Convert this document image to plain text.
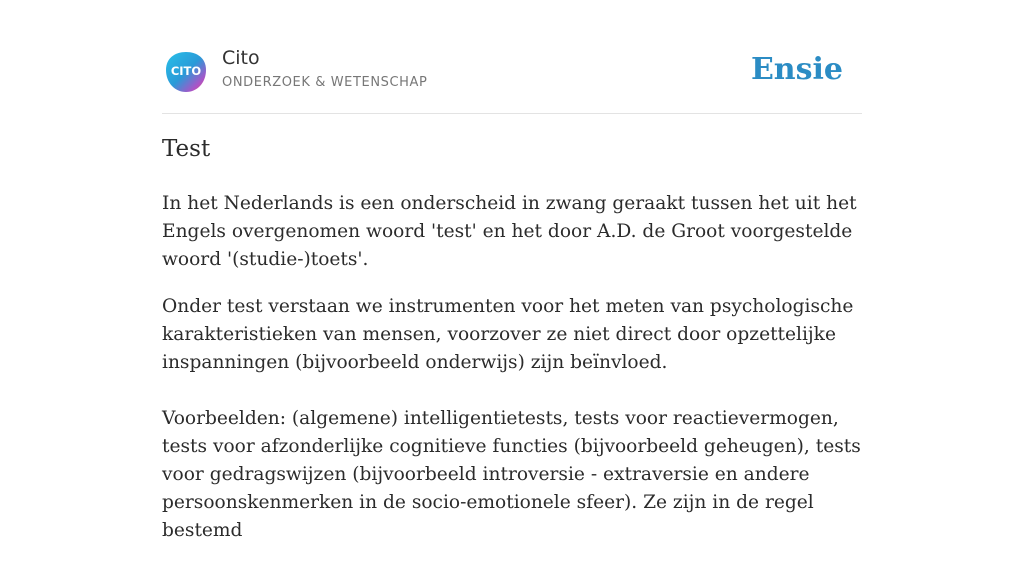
CITO
Cito
ONDERZOEK & WETENSCHAP	Ensie
Test

In het Nederlands is een onderscheid in zwang geraakt tussen het uit het Engels overgenomen woord 'test' en het door A.D. de Groot voorgestelde woord '(studie-)toets'.

Onder test verstaan we instrumenten voor het meten van psychologische karakteristieken van mensen, voorzover ze niet direct door opzettelijke inspanningen (bijvoorbeeld onderwijs) zijn beïnvloed.

Voorbeelden: (algemene) intelligentietests, tests voor reactievermogen, tests voor afzonderlijke cognitieve functies (bijvoorbeeld geheugen), tests voor gedragswijzen (bijvoorbeeld introversie - extraversie en andere persoonskenmerken in de socio-emotionele sfeer). Ze zijn in de regel bestemd
